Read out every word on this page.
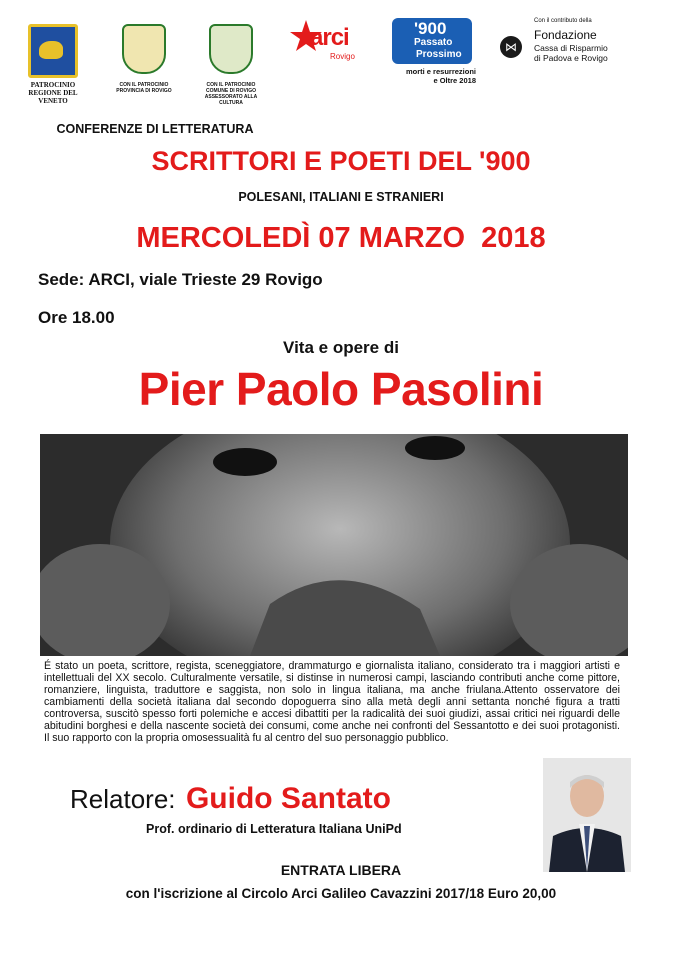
PATROCINIO
REGIONE DEL VENETO
CON IL PATROCINIO
PROVINCIA DI ROVIGO
CON IL PATROCINIO
COMUNE DI ROVIGO
ASSESSORATO ALLA CULTURA
arci
Rovigo
'900
Passato
Prossimo
morti e resurrezioni
e Oltre 2018
Con il contributo della
⋈
Fondazione
Cassa di Risparmio
di Padova e Rovigo
CONFERENZE DI LETTERATURA
SCRITTORI E POETI DEL '900
POLESANI, ITALIANI E STRANIERI
MERCOLEDÌ 07 MARZO  2018
Sede: ARCI, viale Trieste 29 Rovigo
Ore 18.00
Vita e opere di
Pier Paolo Pasolini
É stato un poeta, scrittore, regista, sceneggiatore, drammaturgo e giornalista italiano, considerato tra i maggiori artisti e intellettuali del XX secolo. Culturalmente versatile, si distinse in numerosi campi, lasciando contributi anche come pittore, romanziere, linguista, traduttore e saggista, non solo in lingua italiana, ma anche friulana.Attento osservatore dei cambiamenti della società italiana dal secondo dopoguerra sino alla metà degli anni settanta nonché figura a tratti controversa, suscitò spesso forti polemiche e accesi dibattiti per la radicalità dei suoi giudizi, assai critici nei riguardi delle abitudini borghesi e della nascente società dei consumi, come anche nei confronti del Sessantotto e dei suoi protagonisti. Il suo rapporto con la propria omosessualità fu al centro del suo personaggio pubblico.
Relatore: Guido Santato
Prof. ordinario di Letteratura Italiana UniPd
ENTRATA LIBERA
con l'iscrizione al Circolo Arci Galileo Cavazzini 2017/18 Euro 20,00
